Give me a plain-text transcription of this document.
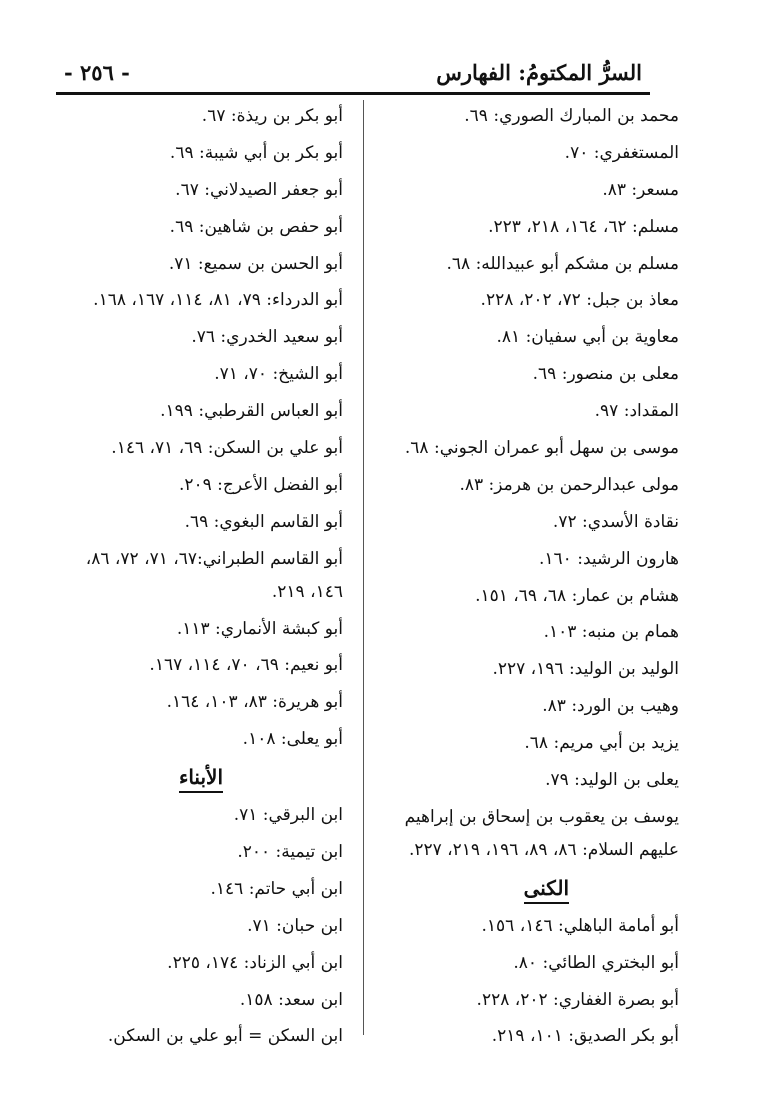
السرُّ المكتومُ: الفهارس
- ٢٥٦ -
محمد بن المبارك الصوري: ٦٩.
المستغفري: ٧٠.
مسعر: ٨٣.
مسلم: ٦٢، ١٦٤، ٢١٨، ٢٢٣.
مسلم بن مشكم أبو عبيدالله: ٦٨.
معاذ بن جبل: ٧٢، ٢٠٢، ٢٢٨.
معاوية بن أبي سفيان: ٨١.
معلى بن منصور: ٦٩.
المقداد: ٩٧.
موسى بن سهل أبو عمران الجوني: ٦٨.
مولى عبدالرحمن بن هرمز: ٨٣.
نقادة الأسدي: ٧٢.
هارون الرشيد: ١٦٠.
هشام بن عمار: ٦٨، ٦٩، ١٥١.
همام بن منبه: ١٠٣.
الوليد بن الوليد: ١٩٦، ٢٢٧.
وهيب بن الورد: ٨٣.
يزيد بن أبي مريم: ٦٨.
يعلى بن الوليد: ٧٩.
يوسف بن يعقوب بن إسحاق بن إبراهيم
عليهم السلام: ٨٦، ٨٩، ١٩٦، ٢١٩، ٢٢٧.
الكنى
أبو أمامة الباهلي: ١٤٦، ١٥٦.
أبو البختري الطائي: ٨٠.
أبو بصرة الغفاري: ٢٠٢، ٢٢٨.
أبو بكر الصديق: ١٠١، ٢١٩.
أبو بكر بن ريذة: ٦٧.
أبو بكر بن أبي شيبة: ٦٩.
أبو جعفر الصيدلاني: ٦٧.
أبو حفص بن شاهين: ٦٩.
أبو الحسن بن سميع: ٧١.
أبو الدرداء: ٧٩، ٨١، ١١٤، ١٦٧، ١٦٨.
أبو سعيد الخدري: ٧٦.
أبو الشيخ: ٧٠، ٧١.
أبو العباس القرطبي: ١٩٩.
أبو علي بن السكن: ٦٩، ٧١، ١٤٦.
أبو الفضل الأعرج: ٢٠٩.
أبو القاسم البغوي: ٦٩.
أبو القاسم الطبراني:٦٧، ٧١، ٧٢، ٨٦،
١٤٦، ٢١٩.
أبو كبشة الأنماري: ١١٣.
أبو نعيم: ٦٩، ٧٠، ١١٤، ١٦٧.
أبو هريرة: ٨٣، ١٠٣، ١٦٤.
أبو يعلى: ١٠٨.
الأبناء
ابن البرقي: ٧١.
ابن تيمية: ٢٠٠.
ابن أبي حاتم: ١٤٦.
ابن حبان: ٧١.
ابن أبي الزناد: ١٧٤، ٢٢٥.
ابن سعد: ١٥٨.
ابن السكن = أبو علي بن السكن.
